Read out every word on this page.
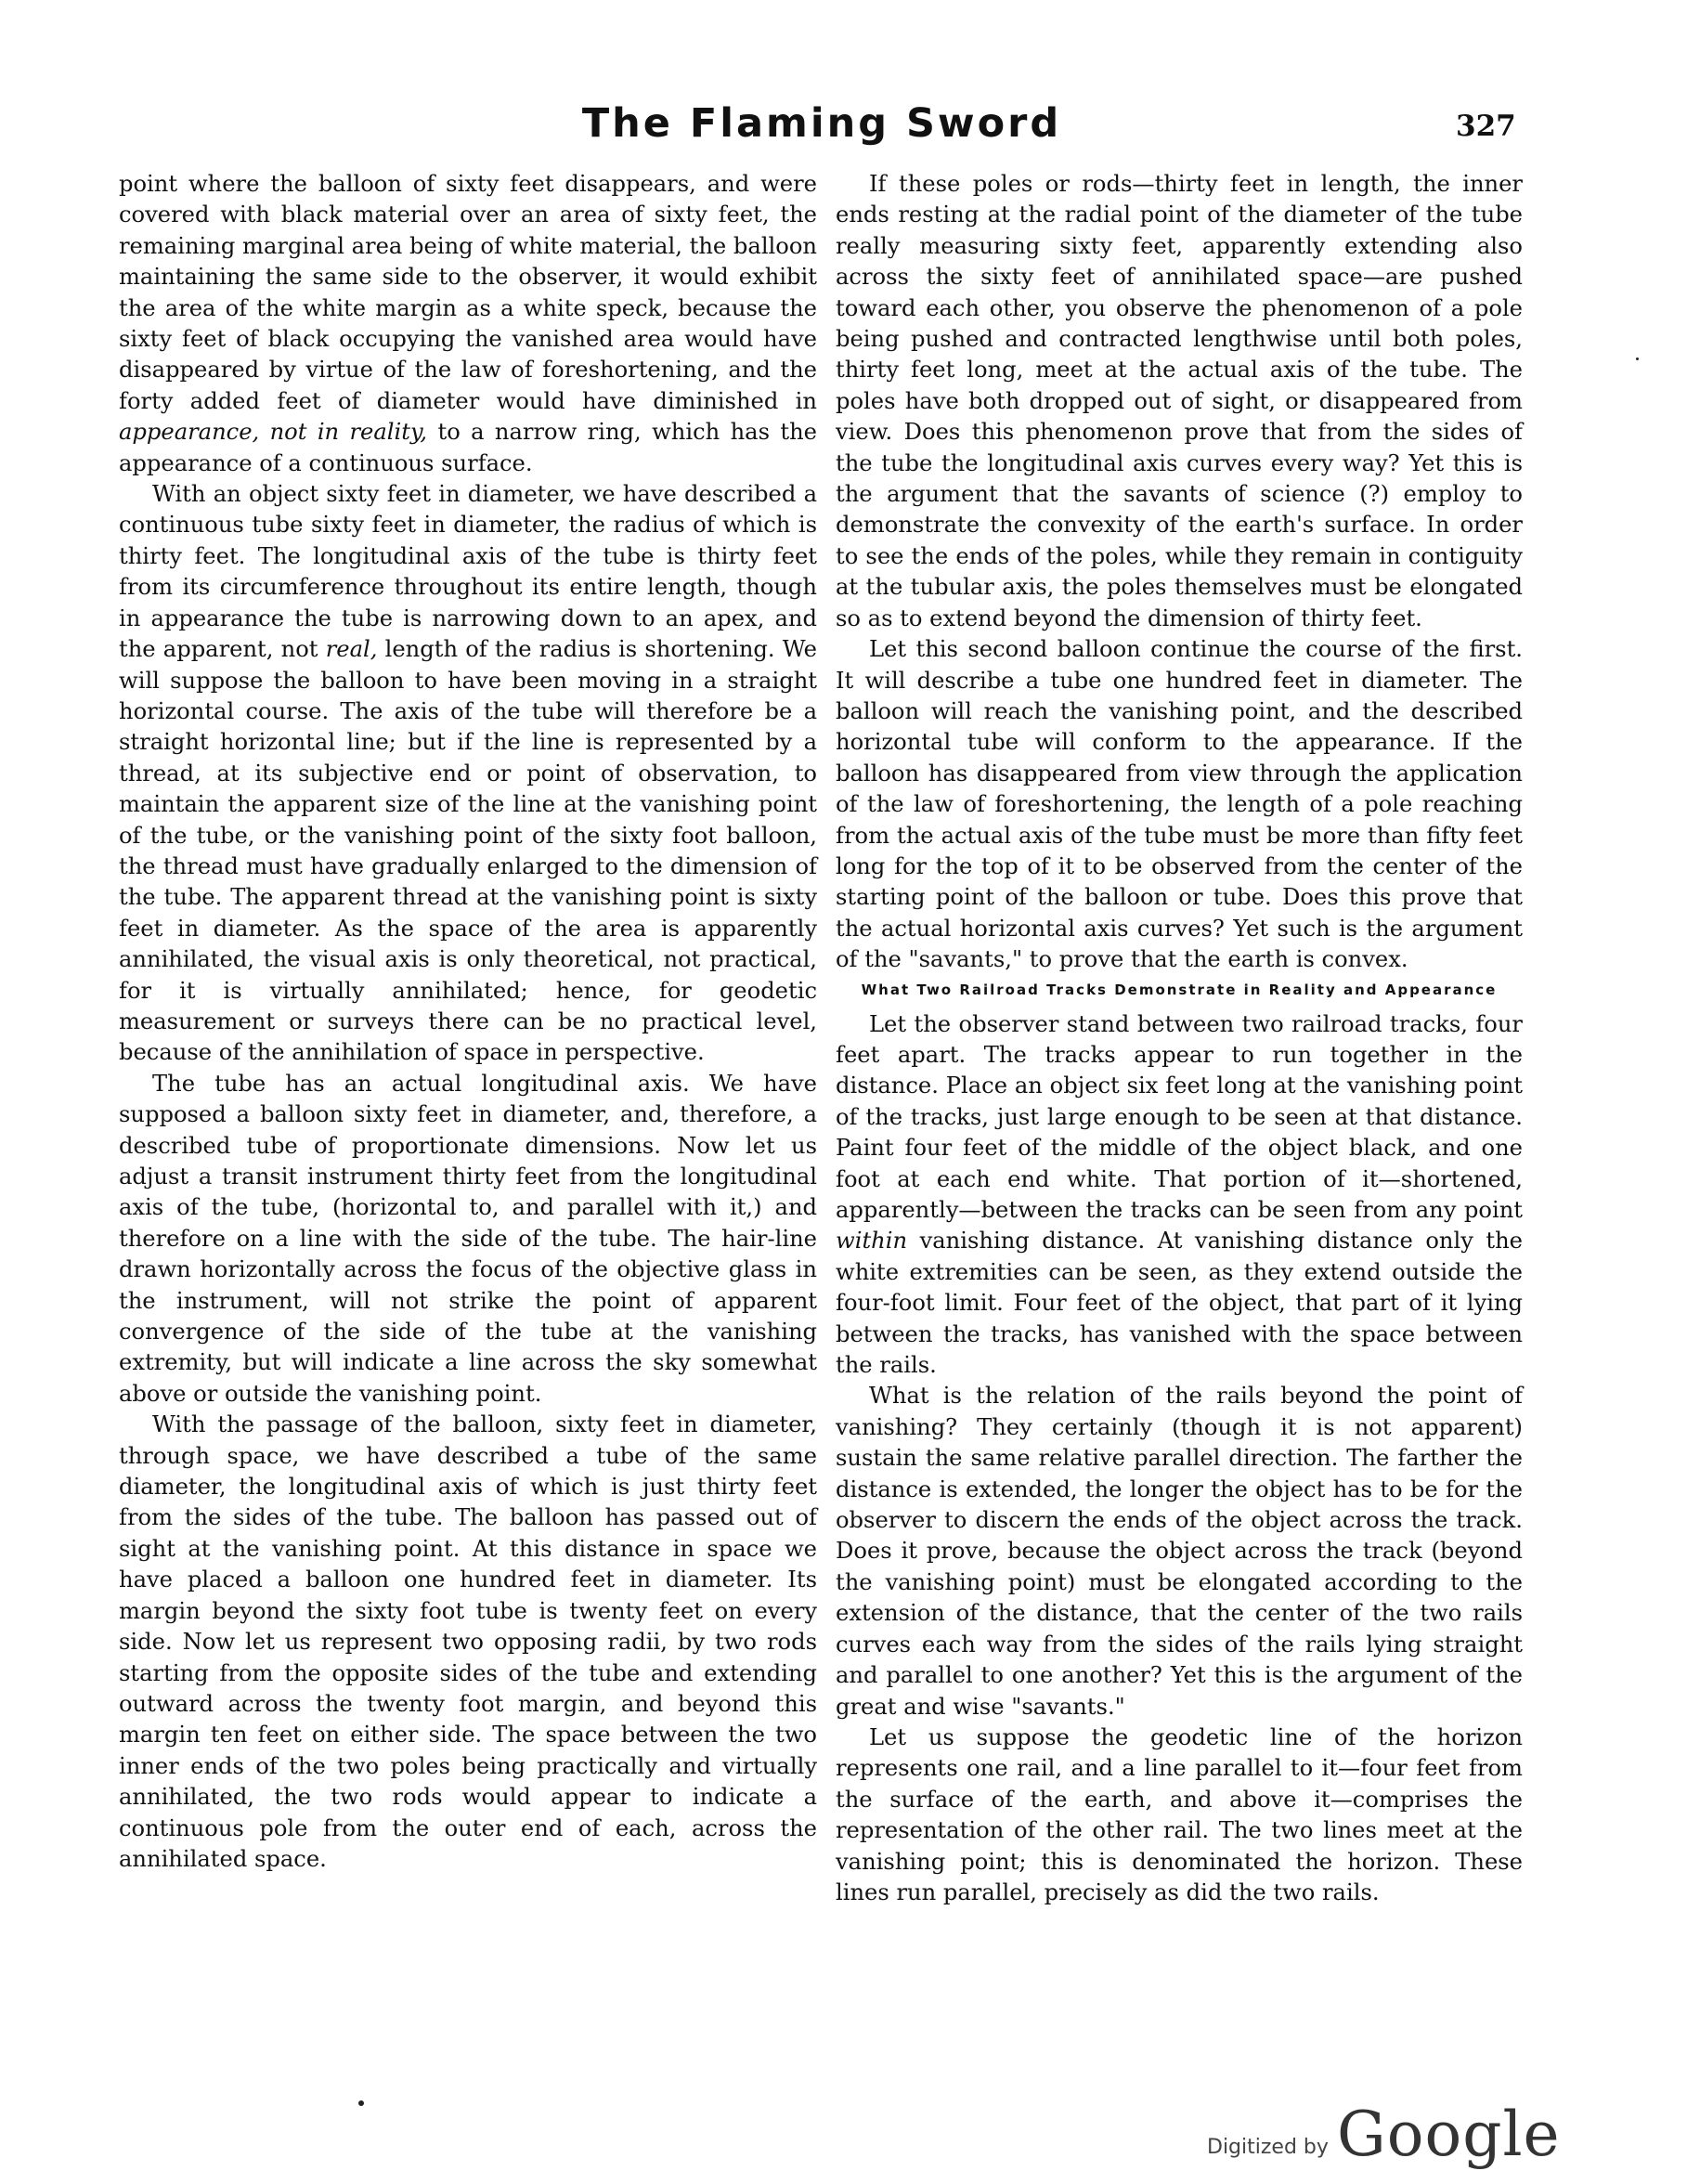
The Flaming Sword	327

point where the balloon of sixty feet disappears, and were covered with black material over an area of sixty feet, the remaining marginal area being of white material, the balloon maintaining the same side to the observer, it would exhibit the area of the white margin as a white speck, because the sixty feet of black occupying the vanished area would have disappeared by virtue of the law of foreshortening, and the forty added feet of diameter would have diminished in appearance, not in reality, to a narrow ring, which has the appearance of a continuous surface.

With an object sixty feet in diameter, we have described a continuous tube sixty feet in diameter, the radius of which is thirty feet. The longitudinal axis of the tube is thirty feet from its circumference throughout its entire length, though in appearance the tube is narrowing down to an apex, and the apparent, not real, length of the radius is shortening. We will suppose the balloon to have been moving in a straight horizontal course. The axis of the tube will therefore be a straight horizontal line; but if the line is represented by a thread, at its subjective end or point of observation, to maintain the apparent size of the line at the vanishing point of the tube, or the vanishing point of the sixty foot balloon, the thread must have gradually enlarged to the dimension of the tube. The apparent thread at the vanishing point is sixty feet in diameter. As the space of the area is apparently annihilated, the visual axis is only theoretical, not practical, for it is virtually annihilated; hence, for geodetic measurement or surveys there can be no practical level, because of the annihilation of space in perspective.

The tube has an actual longitudinal axis. We have supposed a balloon sixty feet in diameter, and, therefore, a described tube of proportionate dimensions. Now let us adjust a transit instrument thirty feet from the longitudinal axis of the tube, (horizontal to, and parallel with it,) and therefore on a line with the side of the tube. The hair-line drawn horizontally across the focus of the objective glass in the instrument, will not strike the point of apparent convergence of the side of the tube at the vanishing extremity, but will indicate a line across the sky somewhat above or outside the vanishing point.

With the passage of the balloon, sixty feet in diameter, through space, we have described a tube of the same diameter, the longitudinal axis of which is just thirty feet from the sides of the tube. The balloon has passed out of sight at the vanishing point. At this distance in space we have placed a balloon one hundred feet in diameter. Its margin beyond the sixty foot tube is twenty feet on every side. Now let us represent two opposing radii, by two rods starting from the opposite sides of the tube and extending outward across the twenty foot margin, and beyond this margin ten feet on either side. The space between the two inner ends of the two poles being practically and virtually annihilated, the two rods would appear to indicate a continuous pole from the outer end of each, across the annihilated space.

If these poles or rods—thirty feet in length, the inner ends resting at the radial point of the diameter of the tube really measuring sixty feet, apparently extending also across the sixty feet of annihilated space—are pushed toward each other, you observe the phenomenon of a pole being pushed and contracted lengthwise until both poles, thirty feet long, meet at the actual axis of the tube. The poles have both dropped out of sight, or disappeared from view. Does this phenomenon prove that from the sides of the tube the longitudinal axis curves every way? Yet this is the argument that the savants of science (?) employ to demonstrate the convexity of the earth's surface. In order to see the ends of the poles, while they remain in contiguity at the tubular axis, the poles themselves must be elongated so as to extend beyond the dimension of thirty feet.

Let this second balloon continue the course of the first. It will describe a tube one hundred feet in diameter. The balloon will reach the vanishing point, and the described horizontal tube will conform to the appearance. If the balloon has disappeared from view through the application of the law of foreshortening, the length of a pole reaching from the actual axis of the tube must be more than fifty feet long for the top of it to be observed from the center of the starting point of the balloon or tube. Does this prove that the actual horizontal axis curves? Yet such is the argument of the "savants," to prove that the earth is convex.

What Two Railroad Tracks Demonstrate in Reality and Appearance

Let the observer stand between two railroad tracks, four feet apart. The tracks appear to run together in the distance. Place an object six feet long at the vanishing point of the tracks, just large enough to be seen at that distance. Paint four feet of the middle of the object black, and one foot at each end white. That portion of it—shortened, apparently—between the tracks can be seen from any point within vanishing distance. At vanishing distance only the white extremities can be seen, as they extend outside the four-foot limit. Four feet of the object, that part of it lying between the tracks, has vanished with the space between the rails.

What is the relation of the rails beyond the point of vanishing? They certainly (though it is not apparent) sustain the same relative parallel direction. The farther the distance is extended, the longer the object has to be for the observer to discern the ends of the object across the track. Does it prove, because the object across the track (beyond the vanishing point) must be elongated according to the extension of the distance, that the center of the two rails curves each way from the sides of the rails lying straight and parallel to one another? Yet this is the argument of the great and wise "savants."

Let us suppose the geodetic line of the horizon represents one rail, and a line parallel to it—four feet from the surface of the earth, and above it—comprises the representation of the other rail. The two lines meet at the vanishing point; this is denominated the horizon. These lines run parallel, precisely as did the two rails.

Digitized by Google
